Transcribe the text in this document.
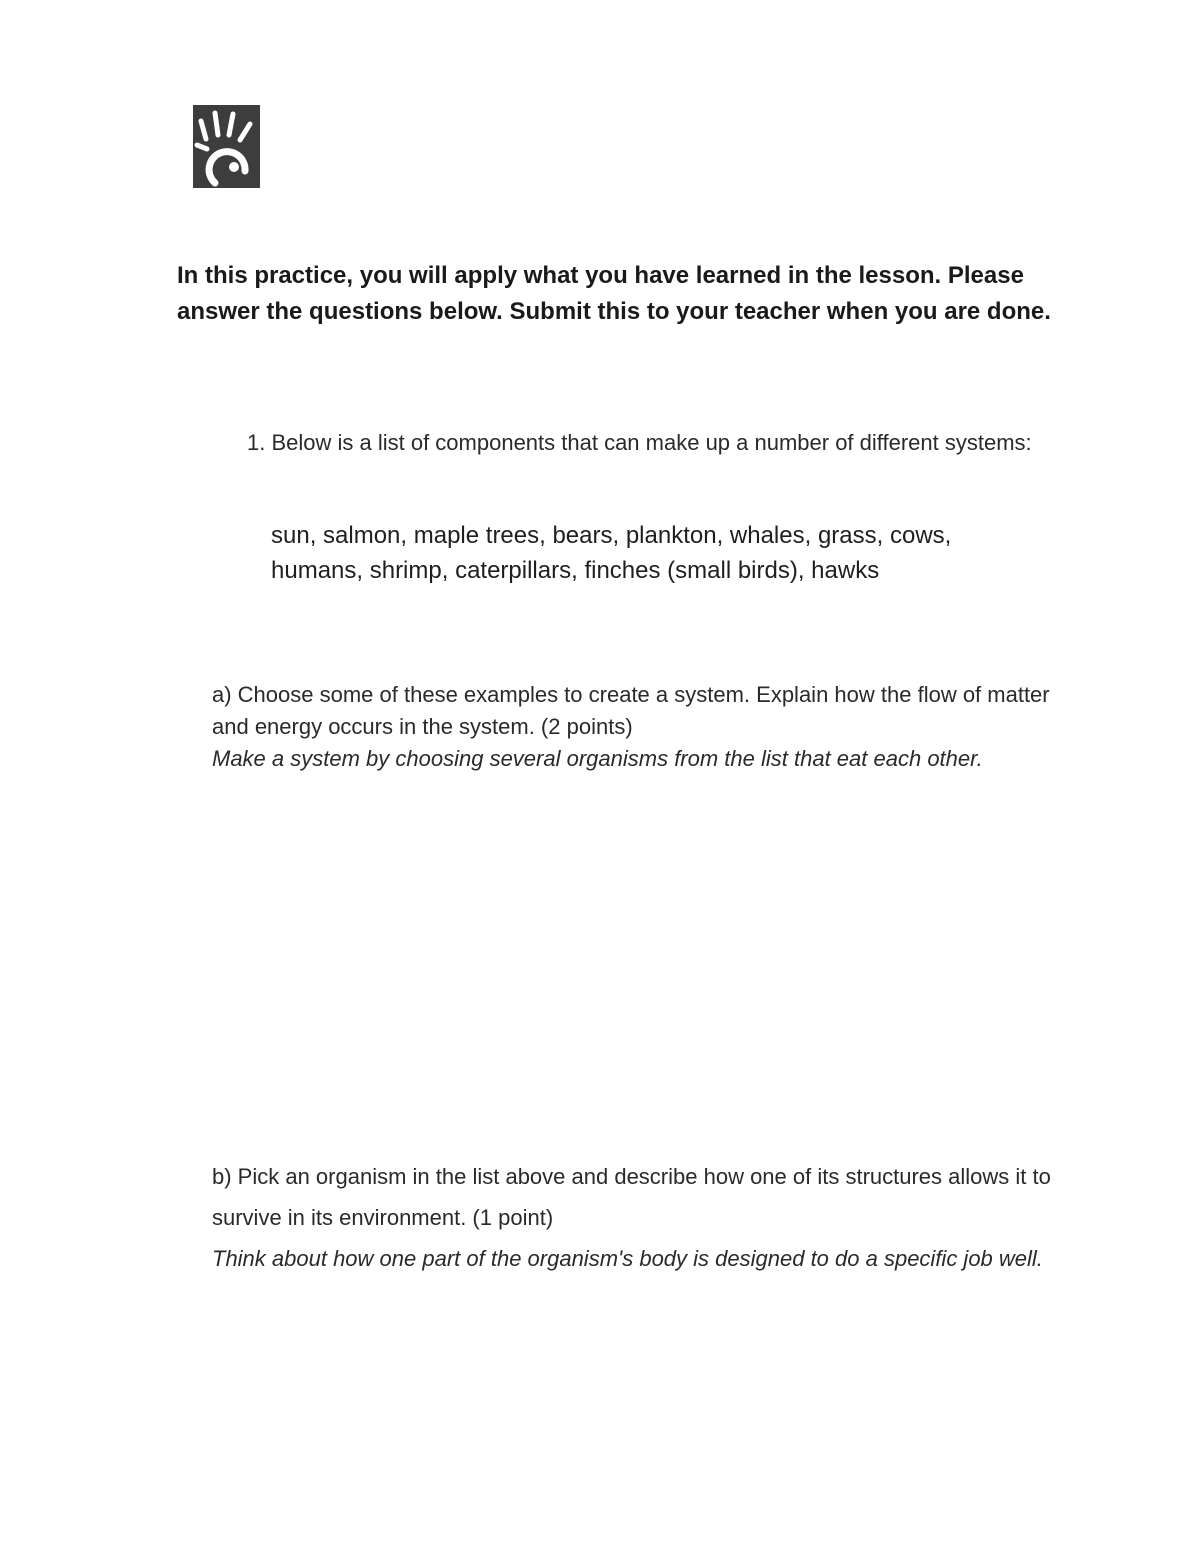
In this practice, you will apply what you have learned in the lesson. Please answer the questions below. Submit this to your teacher when you are done.

1. Below is a list of components that can make up a number of different systems:

sun, salmon, maple trees, bears, plankton, whales, grass, cows, humans, shrimp, caterpillars, finches (small birds), hawks

a) Choose some of these examples to create a system. Explain how the flow of matter and energy occurs in the system. (2 points)
Make a system by choosing several organisms from the list that eat each other.
b) Pick an organism in the list above and describe how one of its structures allows it to survive in its environment. (1 point)
Think about how one part of the organism's body is designed to do a specific job well.
